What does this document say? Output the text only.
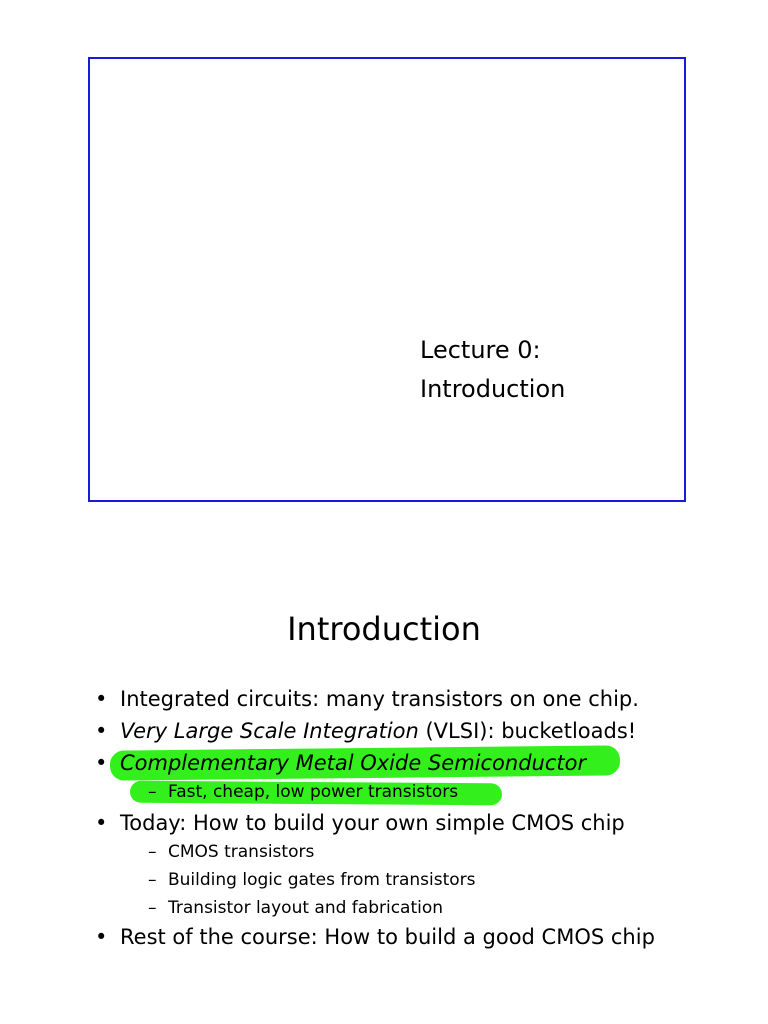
Lecture 0:
Introduction
Introduction
• Integrated circuits: many transistors on one chip.
• Very Large Scale Integration (VLSI): bucketloads!
• Complementary Metal Oxide Semiconductor
– Fast, cheap, low power transistors
• Today: How to build your own simple CMOS chip
– CMOS transistors
– Building logic gates from transistors
– Transistor layout and fabrication
• Rest of the course: How to build a good CMOS chip
